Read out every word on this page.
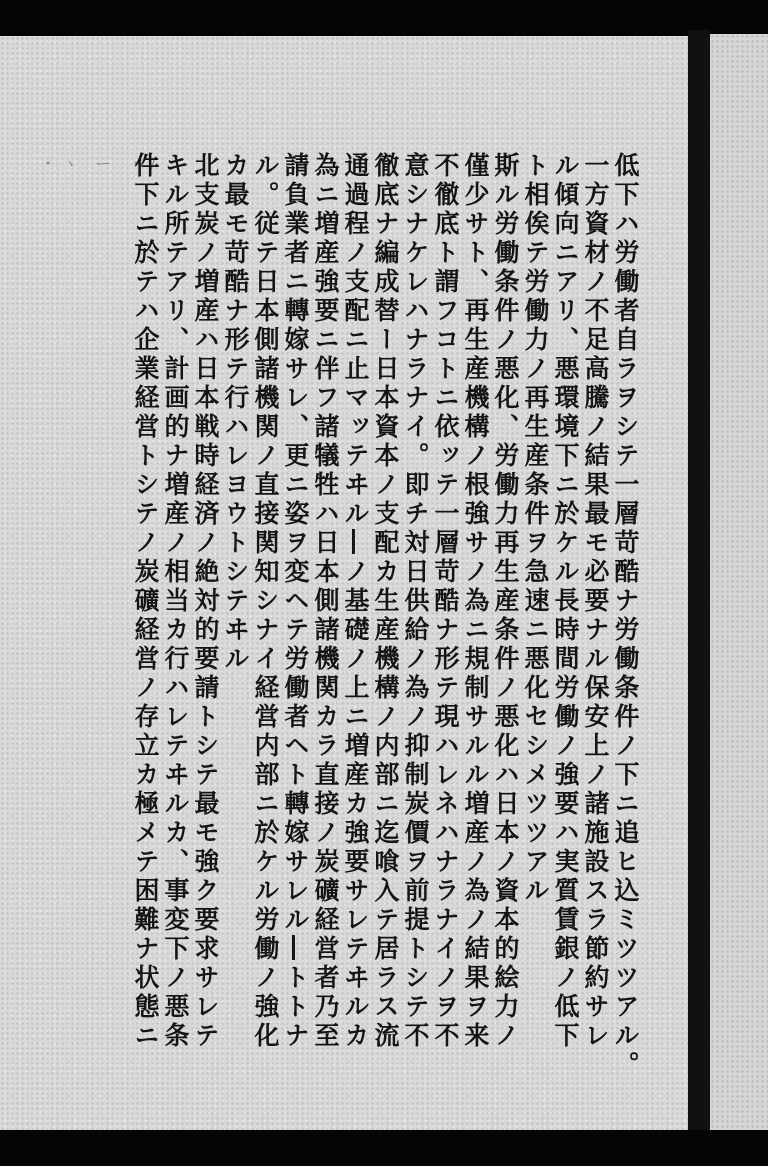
・ヽ ー ・/	低下ハ労働者自ラヲシテ一層苛酷ナ労働条件ノ下ニ追ヒ込ミツツアル。

一方資材ノ不足高騰ノ結果最モ必要ナル保安上ノ諸施設スラ節約サレ

ル傾向ニアリ、悪環境下ニ於ケル長時間労働ノ強要ハ実質賃銀ノ低下

ト相俟テ労働力ノ再生産条件ヲ急速ニ悪化セシメツツアル

斯ル労働条件ノ悪化、労働力再生産条件ノ悪化ハ日本ノ資本的絵力ノ

僅少サト、再生産機構ノ根強サノ為ニ規制サルル増産ノ為ノ結果ヲ来

不徹底ト謂フコトニ依ッテ一層苛酷ナ形テ現ハレネハナラナイノヲ不

意シナケレハナラナイ。即チ対日供給ノ為ノ抑制炭價ヲ前提トシテ不

徹底ナ編成替ー日本資本ノ支配カ生産機構ノ内部ニ迄喰入テ居ラス流

通過程ノ支配ニ止マッテヰル―ノ基礎ノ上ニ増産カ強要サレテヰルカ

為ニ増産強要ニ伴フ諸犠牲ハ日本側諸機関カラ直接ノ炭礦経営者乃至

請負業者ニ轉嫁サレ、更ニ姿ヲ変ヘテ労働者ヘト轉嫁サレル―トトナ

ル。従テ日本側諸機関ノ直接関知シナイ経営内部ニ於ケル労働ノ強化

カ最モ苛酷ナ形テ行ハレヨウトシテヰル

北支炭ノ増産ハ日本戦時経済ノ絶対的要請トシテ最モ強ク要求サレテ

キル所テアリ、計画的ナ増産ノ相当カ行ハレテヰルカ、事変下ノ悪条

件下ニ於テハ企業経営トシテノ炭礦経営ノ存立カ極メテ困難ナ状態ニ
